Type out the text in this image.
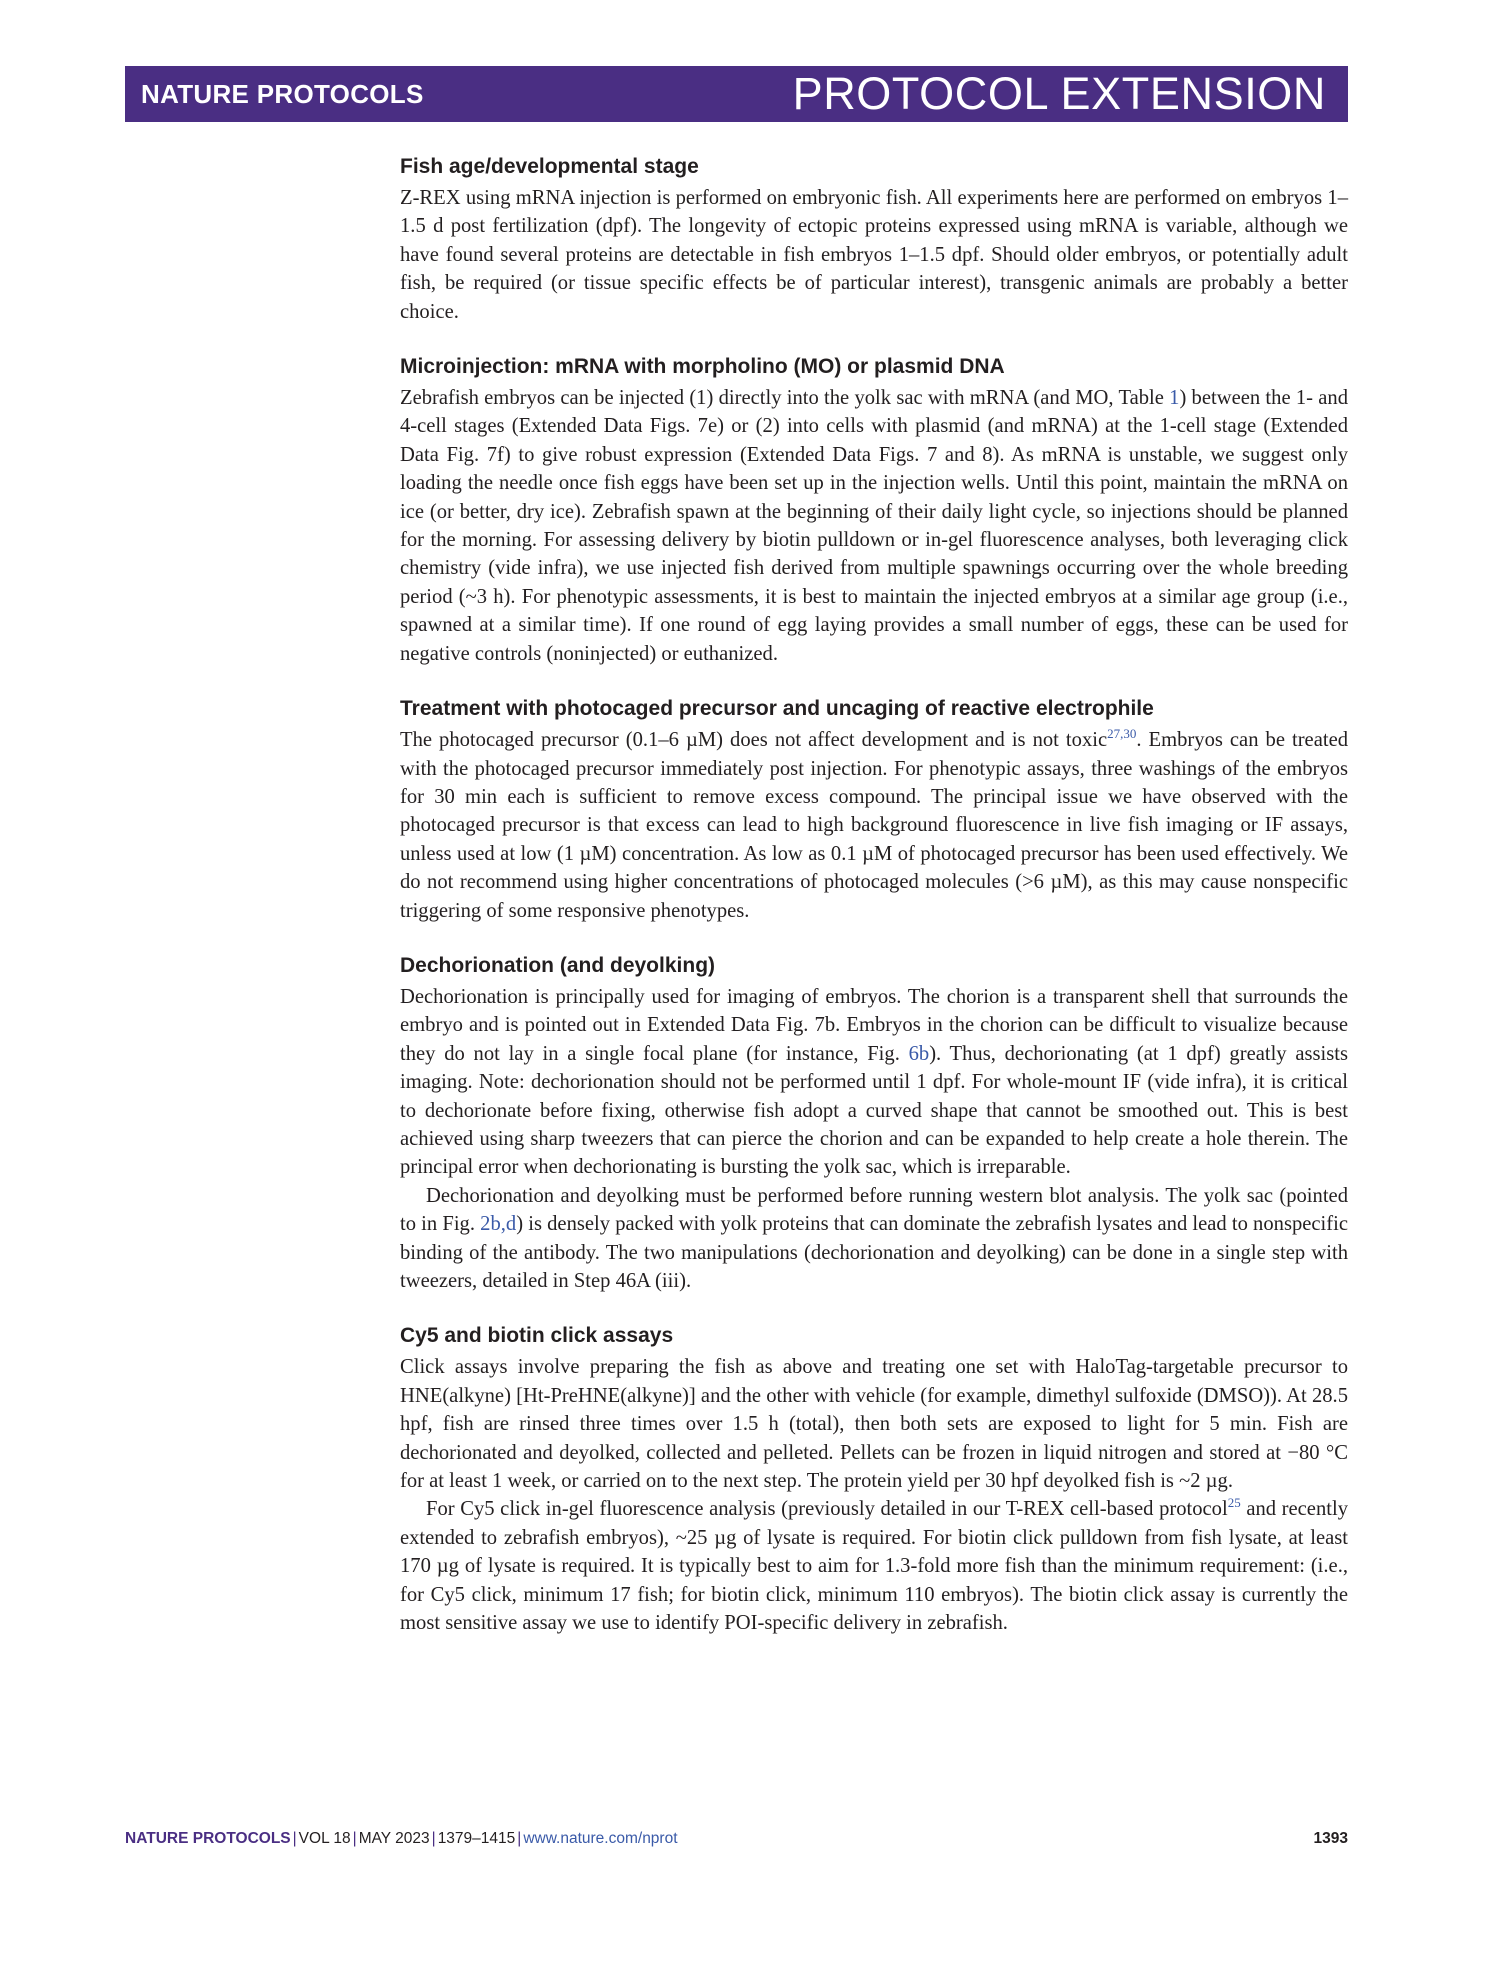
NATURE PROTOCOLS	PROTOCOL EXTENSION
Fish age/developmental stage

Z-REX using mRNA injection is performed on embryonic fish. All experiments here are performed on embryos 1–1.5 d post fertilization (dpf). The longevity of ectopic proteins expressed using mRNA is variable, although we have found several proteins are detectable in fish embryos 1–1.5 dpf. Should older embryos, or potentially adult fish, be required (or tissue specific effects be of particular interest), transgenic animals are probably a better choice.

Microinjection: mRNA with morpholino (MO) or plasmid DNA

Zebrafish embryos can be injected (1) directly into the yolk sac with mRNA (and MO, Table 1) between the 1- and 4-cell stages (Extended Data Figs. 7e) or (2) into cells with plasmid (and mRNA) at the 1-cell stage (Extended Data Fig. 7f) to give robust expression (Extended Data Figs. 7 and 8). As mRNA is unstable, we suggest only loading the needle once fish eggs have been set up in the injection wells. Until this point, maintain the mRNA on ice (or better, dry ice). Zebrafish spawn at the beginning of their daily light cycle, so injections should be planned for the morning. For assessing delivery by biotin pulldown or in-gel fluorescence analyses, both leveraging click chemistry (vide infra), we use injected fish derived from multiple spawnings occurring over the whole breeding period (~3 h). For phenotypic assessments, it is best to maintain the injected embryos at a similar age group (i.e., spawned at a similar time). If one round of egg laying provides a small number of eggs, these can be used for negative controls (noninjected) or euthanized.

Treatment with photocaged precursor and uncaging of reactive electrophile

The photocaged precursor (0.1–6 µM) does not affect development and is not toxic$^{27,30}$. Embryos can be treated with the photocaged precursor immediately post injection. For phenotypic assays, three washings of the embryos for 30 min each is sufficient to remove excess compound. The principal issue we have observed with the photocaged precursor is that excess can lead to high background fluorescence in live fish imaging or IF assays, unless used at low (1 µM) concentration. As low as 0.1 µM of photocaged precursor has been used effectively. We do not recommend using higher concentrations of photocaged molecules (>6 µM), as this may cause nonspecific triggering of some responsive phenotypes.

Dechorionation (and deyolking)

Dechorionation is principally used for imaging of embryos. The chorion is a transparent shell that surrounds the embryo and is pointed out in Extended Data Fig. 7b. Embryos in the chorion can be difficult to visualize because they do not lay in a single focal plane (for instance, Fig. 6b). Thus, dechorionating (at 1 dpf) greatly assists imaging. Note: dechorionation should not be performed until 1 dpf. For whole-mount IF (vide infra), it is critical to dechorionate before fixing, otherwise fish adopt a curved shape that cannot be smoothed out. This is best achieved using sharp tweezers that can pierce the chorion and can be expanded to help create a hole therein. The principal error when dechorionating is bursting the yolk sac, which is irreparable.

Dechorionation and deyolking must be performed before running western blot analysis. The yolk sac (pointed to in Fig. 2b,d) is densely packed with yolk proteins that can dominate the zebrafish lysates and lead to nonspecific binding of the antibody. The two manipulations (dechorionation and deyolking) can be done in a single step with tweezers, detailed in Step 46A (iii).

Cy5 and biotin click assays

Click assays involve preparing the fish as above and treating one set with HaloTag-targetable precursor to HNE(alkyne) [Ht-PreHNE(alkyne)] and the other with vehicle (for example, dimethyl sulfoxide (DMSO)). At 28.5 hpf, fish are rinsed three times over 1.5 h (total), then both sets are exposed to light for 5 min. Fish are dechorionated and deyolked, collected and pelleted. Pellets can be frozen in liquid nitrogen and stored at −80 °C for at least 1 week, or carried on to the next step. The protein yield per 30 hpf deyolked fish is ~2 µg.

For Cy5 click in-gel fluorescence analysis (previously detailed in our T-REX cell-based protocol$^{25}$ and recently extended to zebrafish embryos), ~25 µg of lysate is required. For biotin click pulldown from fish lysate, at least 170 µg of lysate is required. It is typically best to aim for 1.3-fold more fish than the minimum requirement: (i.e., for Cy5 click, minimum 17 fish; for biotin click, minimum 110 embryos). The biotin click assay is currently the most sensitive assay we use to identify POI-specific delivery in zebrafish.

NATURE PROTOCOLS | VOL 18 | MAY 2023 | 1379–1415 | www.nature.com/nprot	1393
